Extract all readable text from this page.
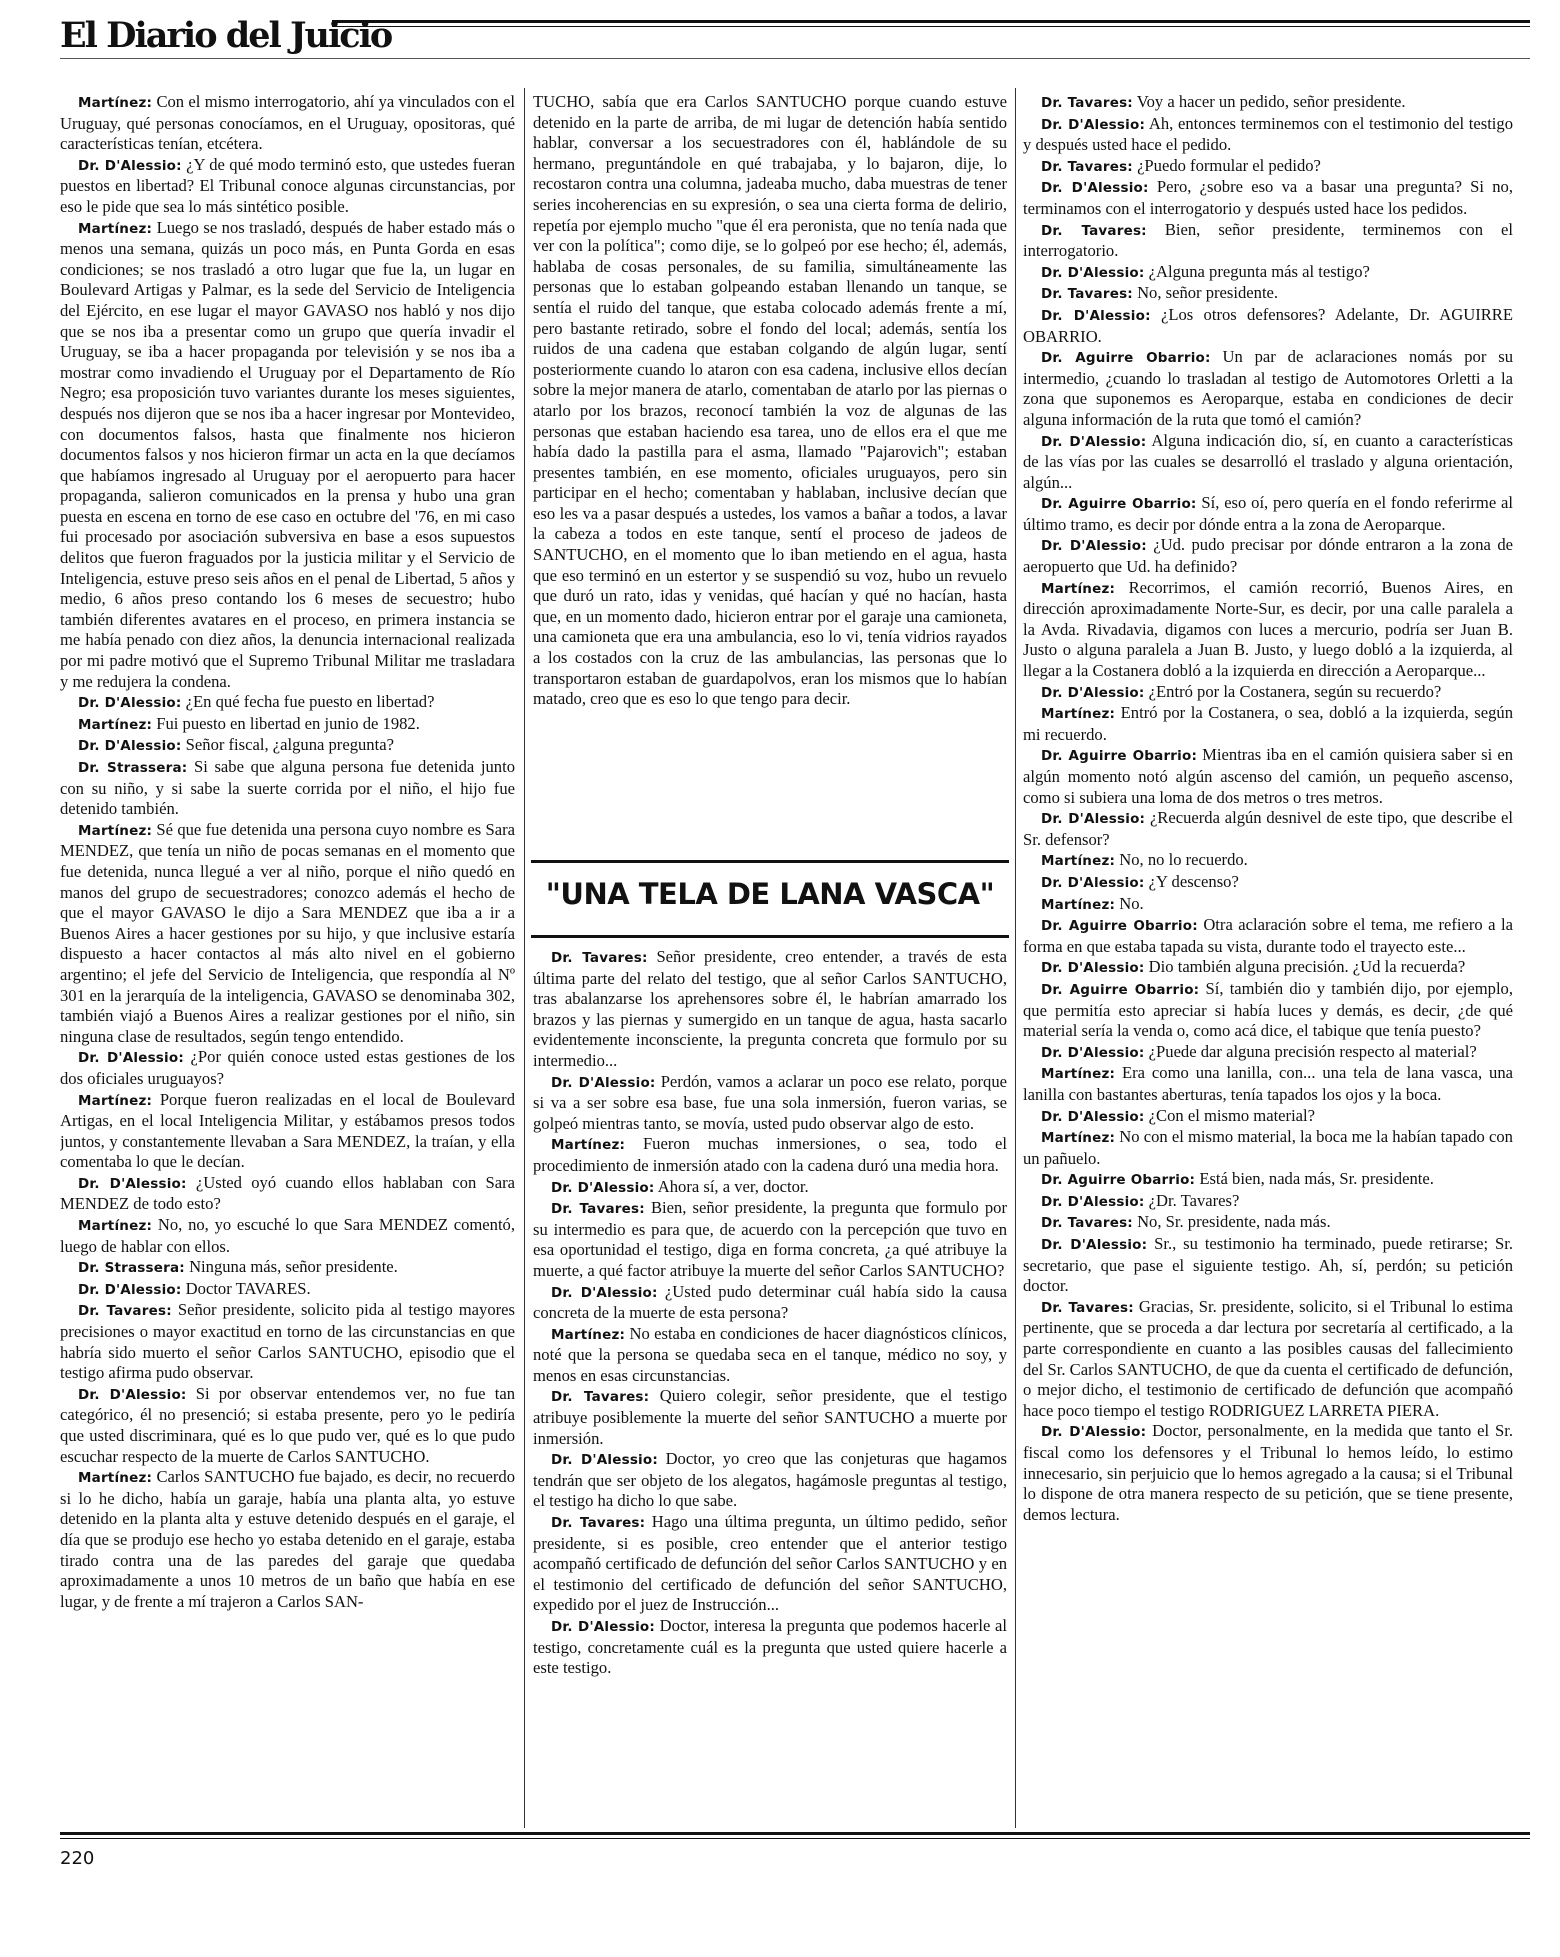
El Diario del Juicio

Martínez: Con el mismo interrogatorio, ahí ya vinculados con el Uruguay, qué personas conocíamos, en el Uruguay, opositoras, qué características tenían, etcétera.

Dr. D'Alessio: ¿Y de qué modo terminó esto, que ustedes fueran puestos en libertad? El Tribunal conoce algunas circunstancias, por eso le pide que sea lo más sintético posible.

Martínez: Luego se nos trasladó, después de haber estado más o menos una semana, quizás un poco más, en Punta Gorda en esas condiciones; se nos trasladó a otro lugar que fue la, un lugar en Boulevard Artigas y Palmar, es la sede del Servicio de Inteligencia del Ejército, en ese lugar el mayor GAVASO nos habló y nos dijo que se nos iba a presentar como un grupo que quería invadir el Uruguay, se iba a hacer propaganda por televisión y se nos iba a mostrar como invadiendo el Uruguay por el Departamento de Río Negro; esa proposición tuvo variantes durante los meses siguientes, después nos dijeron que se nos iba a hacer ingresar por Montevideo, con documentos falsos, hasta que finalmente nos hicieron documentos falsos y nos hicieron firmar un acta en la que decíamos que habíamos ingresado al Uruguay por el aeropuerto para hacer propaganda, salieron comunicados en la prensa y hubo una gran puesta en escena en torno de ese caso en octubre del '76, en mi caso fui procesado por asociación subversiva en base a esos supuestos delitos que fueron fraguados por la justicia militar y el Servicio de Inteligencia, estuve preso seis años en el penal de Libertad, 5 años y medio, 6 años preso contando los 6 meses de secuestro; hubo también diferentes avatares en el proceso, en primera instancia se me había penado con diez años, la denuncia internacional realizada por mi padre motivó que el Supremo Tribunal Militar me trasladara y me redujera la condena.

Dr. D'Alessio: ¿En qué fecha fue puesto en libertad?

Martínez: Fui puesto en libertad en junio de 1982.

Dr. D'Alessio: Señor fiscal, ¿alguna pregunta?

Dr. Strassera: Si sabe que alguna persona fue detenida junto con su niño, y si sabe la suerte corrida por el niño, el hijo fue detenido también.

Martínez: Sé que fue detenida una persona cuyo nombre es Sara MENDEZ, que tenía un niño de pocas semanas en el momento que fue detenida, nunca llegué a ver al niño, porque el niño quedó en manos del grupo de secuestradores; conozco además el hecho de que el mayor GAVASO le dijo a Sara MENDEZ que iba a ir a Buenos Aires a hacer gestiones por su hijo, y que inclusive estaría dispuesto a hacer contactos al más alto nivel en el gobierno argentino; el jefe del Servicio de Inteligencia, que respondía al Nº 301 en la jerarquía de la inteligencia, GAVASO se denominaba 302, también viajó a Buenos Aires a realizar gestiones por el niño, sin ninguna clase de resultados, según tengo entendido.

Dr. D'Alessio: ¿Por quién conoce usted estas gestiones de los dos oficiales uruguayos?

Martínez: Porque fueron realizadas en el local de Boulevard Artigas, en el local Inteligencia Militar, y estábamos presos todos juntos, y constantemente llevaban a Sara MENDEZ, la traían, y ella comentaba lo que le decían.

Dr. D'Alessio: ¿Usted oyó cuando ellos hablaban con Sara MENDEZ de todo esto?

Martínez: No, no, yo escuché lo que Sara MENDEZ comentó, luego de hablar con ellos.

Dr. Strassera: Ninguna más, señor presidente.

Dr. D'Alessio: Doctor TAVARES.

Dr. Tavares: Señor presidente, solicito pida al testigo mayores precisiones o mayor exactitud en torno de las circunstancias en que habría sido muerto el señor Carlos SANTUCHO, episodio que el testigo afirma pudo observar.

Dr. D'Alessio: Si por observar entendemos ver, no fue tan categórico, él no presenció; si estaba presente, pero yo le pediría que usted discriminara, qué es lo que pudo ver, qué es lo que pudo escuchar respecto de la muerte de Carlos SANTUCHO.

Martínez: Carlos SANTUCHO fue bajado, es decir, no recuerdo si lo he dicho, había un garaje, había una planta alta, yo estuve detenido en la planta alta y estuve detenido después en el garaje, el día que se produjo ese hecho yo estaba detenido en el garaje, estaba tirado contra una de las paredes del garaje que quedaba aproximadamente a unos 10 metros de un baño que había en ese lugar, y de frente a mí trajeron a Carlos SAN-

TUCHO, sabía que era Carlos SANTUCHO porque cuando estuve detenido en la parte de arriba, de mi lugar de detención había sentido hablar, conversar a los secuestradores con él, hablándole de su hermano, preguntándole en qué trabajaba, y lo bajaron, dije, lo recostaron contra una columna, jadeaba mucho, daba muestras de tener series incoherencias en su expresión, o sea una cierta forma de delirio, repetía por ejemplo mucho "que él era peronista, que no tenía nada que ver con la política"; como dije, se lo golpeó por ese hecho; él, además, hablaba de cosas personales, de su familia, simultáneamente las personas que lo estaban golpeando estaban llenando un tanque, se sentía el ruido del tanque, que estaba colocado además frente a mí, pero bastante retirado, sobre el fondo del local; además, sentía los ruidos de una cadena que estaban colgando de algún lugar, sentí posteriormente cuando lo ataron con esa cadena, inclusive ellos decían sobre la mejor manera de atarlo, comentaban de atarlo por las piernas o atarlo por los brazos, reconocí también la voz de algunas de las personas que estaban haciendo esa tarea, uno de ellos era el que me había dado la pastilla para el asma, llamado "Pajarovich"; estaban presentes también, en ese momento, oficiales uruguayos, pero sin participar en el hecho; comentaban y hablaban, inclusive decían que eso les va a pasar después a ustedes, los vamos a bañar a todos, a lavar la cabeza a todos en este tanque, sentí el proceso de jadeos de SANTUCHO, en el momento que lo iban metiendo en el agua, hasta que eso terminó en un estertor y se suspendió su voz, hubo un revuelo que duró un rato, idas y venidas, qué hacían y qué no hacían, hasta que, en un momento dado, hicieron entrar por el garaje una camioneta, una camioneta que era una ambulancia, eso lo vi, tenía vidrios rayados a los costados con la cruz de las ambulancias, las personas que lo transportaron estaban de guardapolvos, eran los mismos que lo habían matado, creo que es eso lo que tengo para decir.

"UNA TELA DE LANA VASCA"

Dr. Tavares: Señor presidente, creo entender, a través de esta última parte del relato del testigo, que al señor Carlos SANTUCHO, tras abalanzarse los aprehensores sobre él, le habrían amarrado los brazos y las piernas y sumergido en un tanque de agua, hasta sacarlo evidentemente inconsciente, la pregunta concreta que formulo por su intermedio...

Dr. D'Alessio: Perdón, vamos a aclarar un poco ese relato, porque si va a ser sobre esa base, fue una sola inmersión, fueron varias, se golpeó mientras tanto, se movía, usted pudo observar algo de esto.

Martínez: Fueron muchas inmersiones, o sea, todo el procedimiento de inmersión atado con la cadena duró una media hora.

Dr. D'Alessio: Ahora sí, a ver, doctor.

Dr. Tavares: Bien, señor presidente, la pregunta que formulo por su intermedio es para que, de acuerdo con la percepción que tuvo en esa oportunidad el testigo, diga en forma concreta, ¿a qué atribuye la muerte, a qué factor atribuye la muerte del señor Carlos SANTUCHO?

Dr. D'Alessio: ¿Usted pudo determinar cuál había sido la causa concreta de la muerte de esta persona?

Martínez: No estaba en condiciones de hacer diagnósticos clínicos, noté que la persona se quedaba seca en el tanque, médico no soy, y menos en esas circunstancias.

Dr. Tavares: Quiero colegir, señor presidente, que el testigo atribuye posiblemente la muerte del señor SANTUCHO a muerte por inmersión.

Dr. D'Alessio: Doctor, yo creo que las conjeturas que hagamos tendrán que ser objeto de los alegatos, hagámosle preguntas al testigo, el testigo ha dicho lo que sabe.

Dr. Tavares: Hago una última pregunta, un último pedido, señor presidente, si es posible, creo entender que el anterior testigo acompañó certificado de defunción del señor Carlos SANTUCHO y en el testimonio del certificado de defunción del señor SANTUCHO, expedido por el juez de Instrucción...

Dr. D'Alessio: Doctor, interesa la pregunta que podemos hacerle al testigo, concretamente cuál es la pregunta que usted quiere hacerle a este testigo.

Dr. Tavares: Voy a hacer un pedido, señor presidente.

Dr. D'Alessio: Ah, entonces terminemos con el testimonio del testigo y después usted hace el pedido.

Dr. Tavares: ¿Puedo formular el pedido?

Dr. D'Alessio: Pero, ¿sobre eso va a basar una pregunta? Si no, terminamos con el interrogatorio y después usted hace los pedidos.

Dr. Tavares: Bien, señor presidente, terminemos con el interrogatorio.

Dr. D'Alessio: ¿Alguna pregunta más al testigo?

Dr. Tavares: No, señor presidente.

Dr. D'Alessio: ¿Los otros defensores? Adelante, Dr. AGUIRRE OBARRIO.

Dr. Aguirre Obarrio: Un par de aclaraciones nomás por su intermedio, ¿cuando lo trasladan al testigo de Automotores Orletti a la zona que suponemos es Aeroparque, estaba en condiciones de decir alguna información de la ruta que tomó el camión?

Dr. D'Alessio: Alguna indicación dio, sí, en cuanto a características de las vías por las cuales se desarrolló el traslado y alguna orientación, algún...

Dr. Aguirre Obarrio: Sí, eso oí, pero quería en el fondo referirme al último tramo, es decir por dónde entra a la zona de Aeroparque.

Dr. D'Alessio: ¿Ud. pudo precisar por dónde entraron a la zona de aeropuerto que Ud. ha definido?

Martínez: Recorrimos, el camión recorrió, Buenos Aires, en dirección aproximadamente Norte-Sur, es decir, por una calle paralela a la Avda. Rivadavia, digamos con luces a mercurio, podría ser Juan B. Justo o alguna paralela a Juan B. Justo, y luego dobló a la izquierda, al llegar a la Costanera dobló a la izquierda en dirección a Aeroparque...

Dr. D'Alessio: ¿Entró por la Costanera, según su recuerdo?

Martínez: Entró por la Costanera, o sea, dobló a la izquierda, según mi recuerdo.

Dr. Aguirre Obarrio: Mientras iba en el camión quisiera saber si en algún momento notó algún ascenso del camión, un pequeño ascenso, como si subiera una loma de dos metros o tres metros.

Dr. D'Alessio: ¿Recuerda algún desnivel de este tipo, que describe el Sr. defensor?

Martínez: No, no lo recuerdo.

Dr. D'Alessio: ¿Y descenso?

Martínez: No.

Dr. Aguirre Obarrio: Otra aclaración sobre el tema, me refiero a la forma en que estaba tapada su vista, durante todo el trayecto este...

Dr. D'Alessio: Dio también alguna precisión. ¿Ud la recuerda?

Dr. Aguirre Obarrio: Sí, también dio y también dijo, por ejemplo, que permitía esto apreciar si había luces y demás, es decir, ¿de qué material sería la venda o, como acá dice, el tabique que tenía puesto?

Dr. D'Alessio: ¿Puede dar alguna precisión respecto al material?

Martínez: Era como una lanilla, con... una tela de lana vasca, una lanilla con bastantes aberturas, tenía tapados los ojos y la boca.

Dr. D'Alessio: ¿Con el mismo material?

Martínez: No con el mismo material, la boca me la habían tapado con un pañuelo.

Dr. Aguirre Obarrio: Está bien, nada más, Sr. presidente.

Dr. D'Alessio: ¿Dr. Tavares?

Dr. Tavares: No, Sr. presidente, nada más.

Dr. D'Alessio: Sr., su testimonio ha terminado, puede retirarse; Sr. secretario, que pase el siguiente testigo. Ah, sí, perdón; su petición doctor.

Dr. Tavares: Gracias, Sr. presidente, solicito, si el Tribunal lo estima pertinente, que se proceda a dar lectura por secretaría al certificado, a la parte correspondiente en cuanto a las posibles causas del fallecimiento del Sr. Carlos SANTUCHO, de que da cuenta el certificado de defunción, o mejor dicho, el testimonio de certificado de defunción que acompañó hace poco tiempo el testigo RODRIGUEZ LARRETA PIERA.

Dr. D'Alessio: Doctor, personalmente, en la medida que tanto el Sr. fiscal como los defensores y el Tribunal lo hemos leído, lo estimo innecesario, sin perjuicio que lo hemos agregado a la causa; si el Tribunal lo dispone de otra manera respecto de su petición, que se tiene presente, demos lectura.

220
